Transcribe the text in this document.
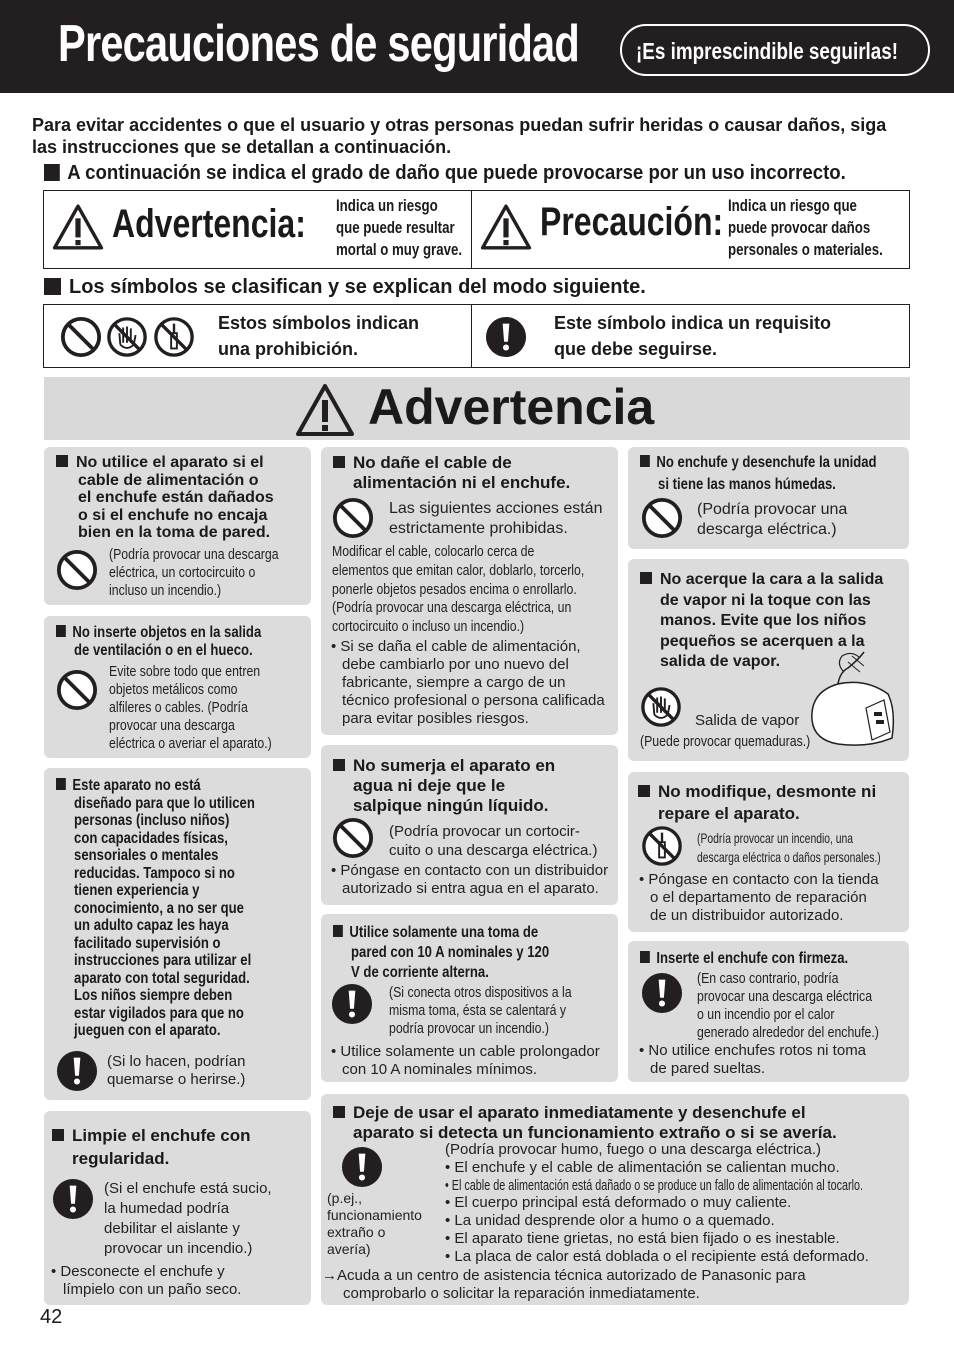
Precauciones de seguridad ¡Es imprescindible seguirlas!
Para evitar accidentes o que el usuario y otras personas puedan sufrir heridas o causar daños, siga las instrucciones que se detallan a continuación.
A continuación se indica el grado de daño que puede provocarse por un uso incorrecto.
Advertencia: Indica un riesgo
que puede resultar
mortal o muy grave.
Precaución: Indica un riesgo que
puede provocar daños
personales o materiales.
Los símbolos se clasifican y se explican del modo siguiente.
Estos símbolos indican
una prohibición.
Este símbolo indica un requisito
que debe seguirse.
Advertencia
No utilice el aparato si el
cable de alimentación o
el enchufe están dañados
o si el enchufe no encaja
bien en la toma de pared.
(Podría provocar una descarga
eléctrica, un cortocircuito o
incluso un incendio.)
No inserte objetos en la salida
de ventilación o en el hueco.
Evite sobre todo que entren
objetos metálicos como
alfileres o cables. (Podría
provocar una descarga
eléctrica o averiar el aparato.)
Este aparato no está
diseñado para que lo utilicen
personas (incluso niños)
con capacidades físicas,
sensoriales o mentales
reducidas. Tampoco si no
tienen experiencia y
conocimiento, a no ser que
un adulto capaz les haya
facilitado supervisión o
instrucciones para utilizar el
aparato con total seguridad.
Los niños siempre deben
estar vigilados para que no
jueguen con el aparato.
(Si lo hacen, podrían
quemarse o herirse.)
Limpie el enchufe con
regularidad.
(Si el enchufe está sucio,
la humedad podría
debilitar el aislante y
provocar un incendio.)
• Desconecte el enchufe y
límpielo con un paño seco.
No dañe el cable de
alimentación ni el enchufe.
Las siguientes acciones están
estrictamente prohibidas.
Modificar el cable, colocarlo cerca de
elementos que emitan calor, doblarlo, torcerlo,
ponerle objetos pesados encima o enrollarlo.
(Podría provocar una descarga eléctrica, un
cortocircuito o incluso un incendio.)
• Si se daña el cable de alimentación,
debe cambiarlo por uno nuevo del
fabricante, siempre a cargo de un
técnico profesional o persona calificada
para evitar posibles riesgos.
No sumerja el aparato en
agua ni deje que le
salpique ningún líquido.
(Podría provocar un cortocir-
cuito o una descarga eléctrica.)
• Póngase en contacto con un distribuidor
autorizado si entra agua en el aparato.
Utilice solamente una toma de
pared con 10 A nominales y 120
V de corriente alterna.
(Si conecta otros dispositivos a la
misma toma, ésta se calentará y
podría provocar un incendio.)
• Utilice solamente un cable prolongador
con 10 A nominales mínimos.
No enchufe y desenchufe la unidad
si tiene las manos húmedas.
(Podría provocar una
descarga eléctrica.)
No acerque la cara a la salida
de vapor ni la toque con las
manos. Evite que los niños
pequeños se acerquen a la
salida de vapor.
Salida de vapor
(Puede provocar quemaduras.)
No modifique, desmonte ni
repare el aparato.
(Podría provocar un incendio, una
descarga eléctrica o daños personales.)
• Póngase en contacto con la tienda
o el departamento de reparación
de un distribuidor autorizado.
Inserte el enchufe con firmeza.
(En caso contrario, podría
provocar una descarga eléctrica
o un incendio por el calor
generado alrededor del enchufe.)
• No utilice enchufes rotos ni toma
de pared sueltas.
Deje de usar el aparato inmediatamente y desenchufe el
aparato si detecta un funcionamiento extraño o si se avería.
(p.ej.,
funcionamiento
extraño o
avería)
(Podría provocar humo, fuego o una descarga eléctrica.)
• El enchufe y el cable de alimentación se calientan mucho.
• El cable de alimentación está dañado o se produce un fallo de alimentación al tocarlo.
• El cuerpo principal está deformado o muy caliente.
• La unidad desprende olor a humo o a quemado.
• El aparato tiene grietas, no está bien fijado o es inestable.
• La placa de calor está doblada o el recipiente está deformado.
→Acuda a un centro de asistencia técnica autorizado de Panasonic para
comprobarlo o solicitar la reparación inmediatamente.
42
